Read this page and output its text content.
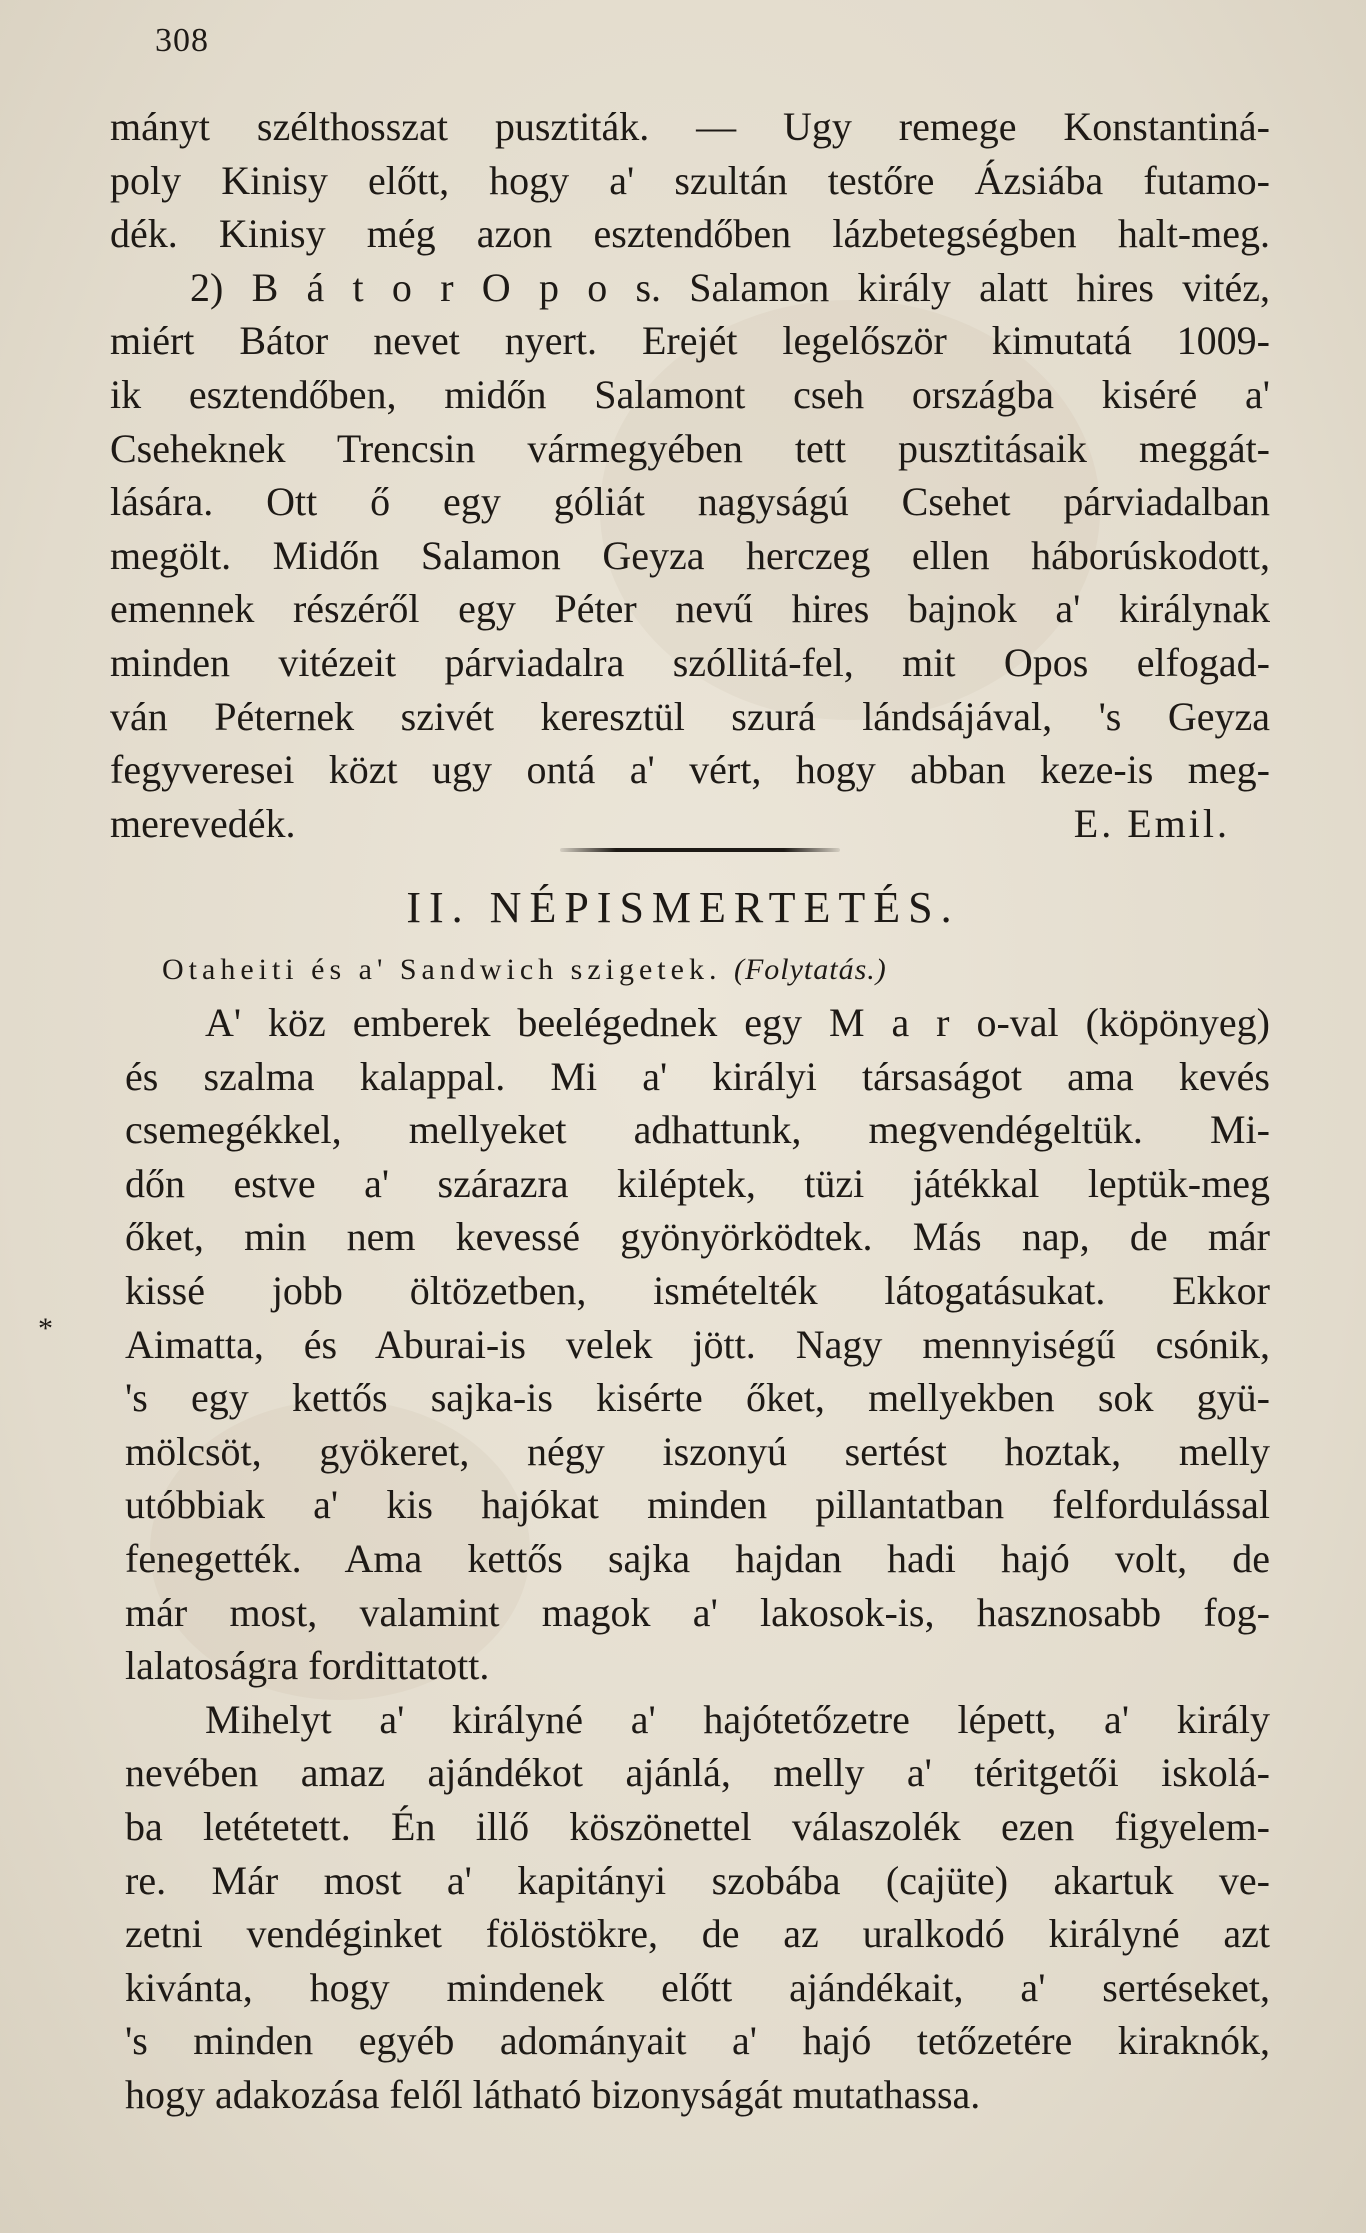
308
mányt szélthosszat pusztiták. — Ugy remege Konstantiná-
poly Kinisy előtt, hogy a' szultán testőre Ázsiába futamo-
dék. Kinisy még azon esztendőben lázbetegségben halt-meg.
2) B á t o r O p o s. Salamon király alatt hires vitéz,
miért Bátor nevet nyert. Erejét legelőször kimutatá 1009-
ik esztendőben, midőn Salamont cseh országba kiséré a'
Cseheknek Trencsin vármegyében tett pusztitásaik meggát-
lására. Ott ő egy góliát nagyságú Csehet párviadalban
megölt. Midőn Salamon Geyza herczeg ellen háborúskodott,
emennek részéről egy Péter nevű hires bajnok a' királynak
minden vitézeit párviadalra szóllitá-fel, mit Opos elfogad-
ván Péternek szivét keresztül szurá lándsájával, 's Geyza
fegyveresei közt ugy ontá a' vért, hogy abban keze-is meg-
merevedék.	E. Emil.
II. NÉPISMERTETÉS.
Otaheiti és a' Sandwich szigetek. (Folytatás.)
A' köz emberek beelégednek egy M a r o-val (köpönyeg)
és szalma kalappal. Mi a' királyi társaságot ama kevés
csemegékkel, mellyeket adhattunk, megvendégeltük. Mi-
dőn estve a' szárazra kiléptek, tüzi játékkal leptük-meg
őket, min nem kevessé gyönyörködtek. Más nap, de már
kissé jobb öltözetben, ismételték látogatásukat. Ekkor
Aimatta, és Aburai-is velek jött. Nagy mennyiségű csónik,
's egy kettős sajka-is kisérte őket, mellyekben sok gyü-
mölcsöt, gyökeret, négy iszonyú sertést hoztak, melly
utóbbiak a' kis hajókat minden pillantatban felfordulással
fenegették. Ama kettős sajka hajdan hadi hajó volt, de
már most, valamint magok a' lakosok-is, hasznosabb fog-
lalatoságra fordittatott.
Mihelyt a' királyné a' hajótetőzetre lépett, a' király
nevében amaz ajándékot ajánlá, melly a' téritgetői iskolá-
ba letétetett. Én illő köszönettel válaszolék ezen figyelem-
re. Már most a' kapitányi szobába (cajüte) akartuk ve-
zetni vendéginket fölöstökre, de az uralkodó királyné azt
kivánta, hogy mindenek előtt ajándékait, a' sertéseket,
's minden egyéb adományait a' hajó tetőzetére kiraknók,
hogy adakozása felől látható bizonyságát mutathassa.
*
